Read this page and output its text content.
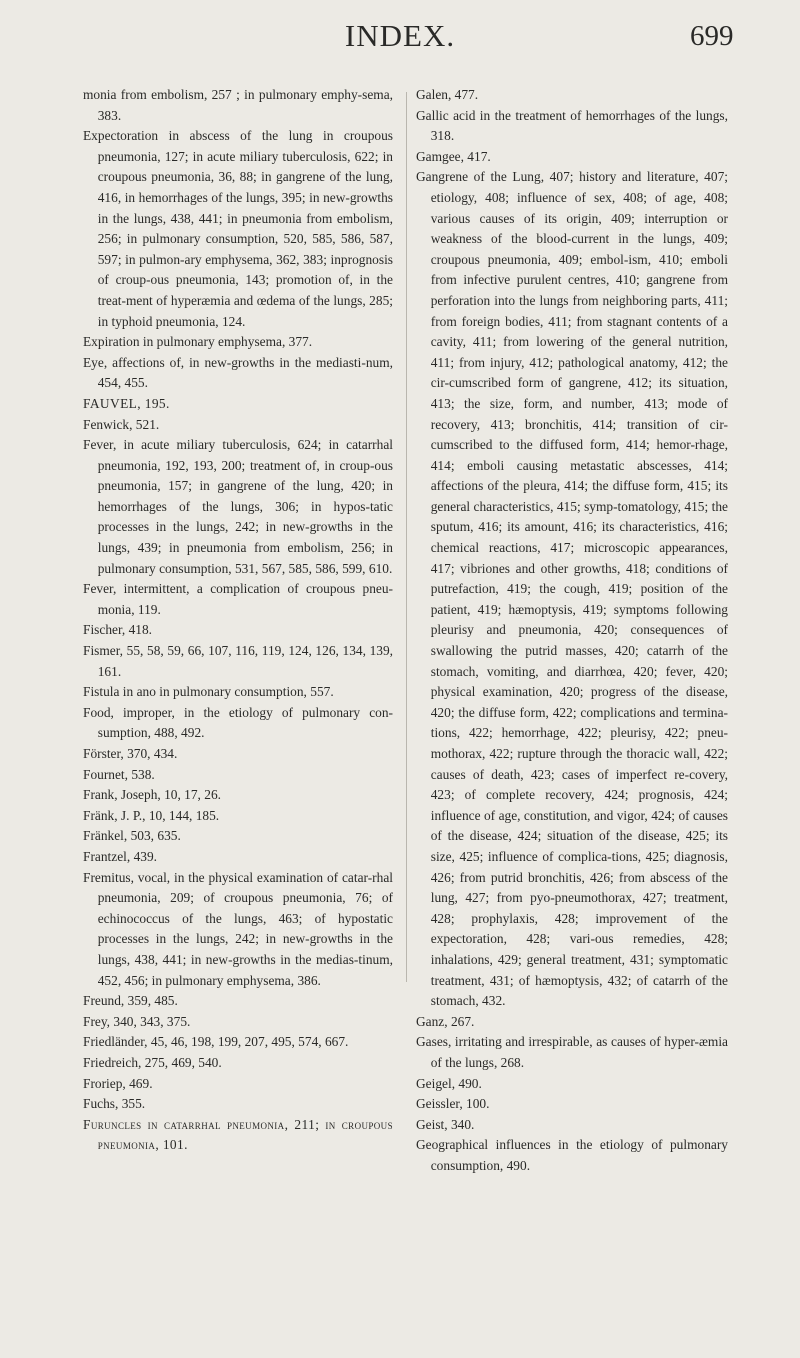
INDEX.	699
monia from embolism, 257 ; in pulmonary emphy-sema, 383.
Expectoration in abscess of the lung in croupous pneumonia, 127; in acute miliary tuberculosis, 622; in croupous pneumonia, 36, 88; in gangrene of the lung, 416, in hemorrhages of the lungs, 395; in new-growths in the lungs, 438, 441; in pneumonia from embolism, 256; in pulmonary consumption, 520, 585, 586, 587, 597; in pulmon-ary emphysema, 362, 383; inprognosis of croup-ous pneumonia, 143; promotion of, in the treat-ment of hyperæmia and œdema of the lungs, 285; in typhoid pneumonia, 124.
Expiration in pulmonary emphysema, 377.
Eye, affections of, in new-growths in the mediasti-num, 454, 455.
FAUVEL, 195.
Fenwick, 521.
Fever, in acute miliary tuberculosis, 624; in catarrhal pneumonia, 192, 193, 200; treatment of, in croup-ous pneumonia, 157; in gangrene of the lung, 420; in hemorrhages of the lungs, 306; in hypos-tatic processes in the lungs, 242; in new-growths in the lungs, 439; in pneumonia from embolism, 256; in pulmonary consumption, 531, 567, 585, 586, 599, 610.
Fever, intermittent, a complication of croupous pneu-monia, 119.
Fischer, 418.
Fismer, 55, 58, 59, 66, 107, 116, 119, 124, 126, 134, 139, 161.
Fistula in ano in pulmonary consumption, 557.
Food, improper, in the etiology of pulmonary con-sumption, 488, 492.
Förster, 370, 434.
Fournet, 538.
Frank, Joseph, 10, 17, 26.
Fränk, J. P., 10, 144, 185.
Fränkel, 503, 635.
Frantzel, 439.
Fremitus, vocal, in the physical examination of catar-rhal pneumonia, 209; of croupous pneumonia, 76; of echinococcus of the lungs, 463; of hypostatic processes in the lungs, 242; in new-growths in the lungs, 438, 441; in new-growths in the medias-tinum, 452, 456; in pulmonary emphysema, 386.
Freund, 359, 485.
Frey, 340, 343, 375.
Friedländer, 45, 46, 198, 199, 207, 495, 574, 667.
Friedreich, 275, 469, 540.
Froriep, 469.
Fuchs, 355.
Furuncles in catarrhal pneumonia, 211; in croupous pneumonia, 101.
Galen, 477.
Gallic acid in the treatment of hemorrhages of the lungs, 318.
Gamgee, 417.
Gangrene of the Lung, 407; history and literature, 407; etiology, 408; influence of sex, 408; of age, 408; various causes of its origin, 409; interruption or weakness of the blood-current in the lungs, 409; croupous pneumonia, 409; embol-ism, 410; emboli from infective purulent centres, 410; gangrene from perforation into the lungs from neighboring parts, 411; from foreign bodies, 411; from stagnant contents of a cavity, 411; from lowering of the general nutrition, 411; from injury, 412; pathological anatomy, 412; the cir-cumscribed form of gangrene, 412; its situation, 413; the size, form, and number, 413; mode of recovery, 413; bronchitis, 414; transition of cir-cumscribed to the diffused form, 414; hemor-rhage, 414; emboli causing metastatic abscesses, 414; affections of the pleura, 414; the diffuse form, 415; its general characteristics, 415; symp-tomatology, 415; the sputum, 416; its amount, 416; its characteristics, 416; chemical reactions, 417; microscopic appearances, 417; vibriones and other growths, 418; conditions of putrefaction, 419; the cough, 419; position of the patient, 419; hæmoptysis, 419; symptoms following pleurisy and pneumonia, 420; consequences of swallowing the putrid masses, 420; catarrh of the stomach, vomiting, and diarrhœa, 420; fever, 420; physical examination, 420; progress of the disease, 420; the diffuse form, 422; complications and termina-tions, 422; hemorrhage, 422; pleurisy, 422; pneu-mothorax, 422; rupture through the thoracic wall, 422; causes of death, 423; cases of imperfect re-covery, 423; of complete recovery, 424; prognosis, 424; influence of age, constitution, and vigor, 424; of causes of the disease, 424; situation of the disease, 425; its size, 425; influence of complica-tions, 425; diagnosis, 426; from putrid bronchitis, 426; from abscess of the lung, 427; from pyo-pneumothorax, 427; treatment, 428; prophylaxis, 428; improvement of the expectoration, 428; vari-ous remedies, 428; inhalations, 429; general treatment, 431; symptomatic treatment, 431; of hæmoptysis, 432; of catarrh of the stomach, 432.
Ganz, 267.
Gases, irritating and irrespirable, as causes of hyper-æmia of the lungs, 268.
Geigel, 490.
Geissler, 100.
Geist, 340.
Geographical influences in the etiology of pulmonary consumption, 490.
